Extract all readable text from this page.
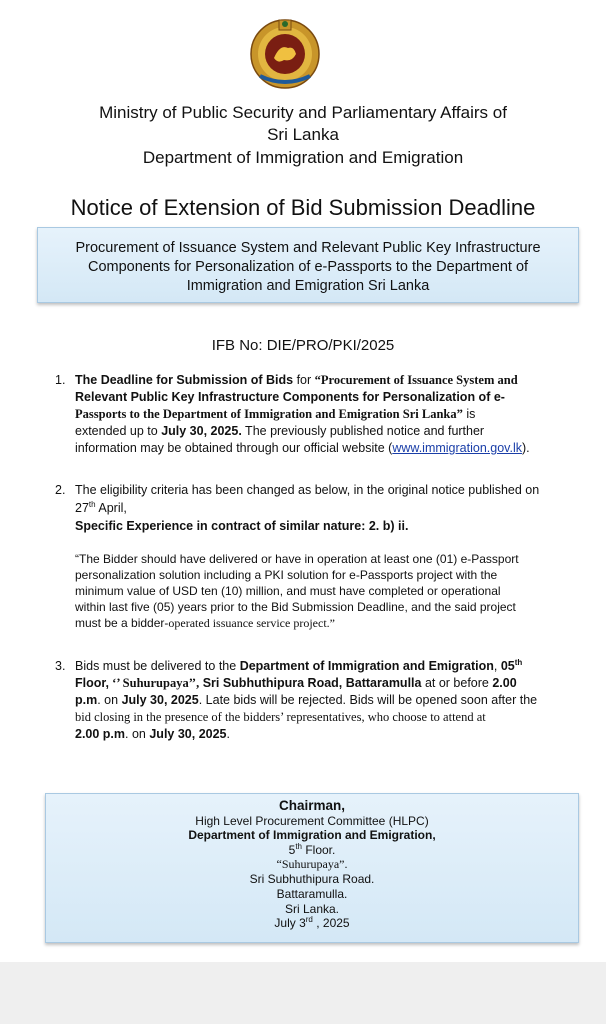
Ministry of Public Security and Parliamentary Affairs of
Sri Lanka
Department of Immigration and Emigration
Notice of Extension of Bid Submission Deadline
Procurement of Issuance System and Relevant Public Key Infrastructure
Components for Personalization of e-Passports to the Department of
Immigration and Emigration Sri Lanka
IFB No: DIE/PRO/PKI/2025
1. The Deadline for Submission of Bids for “Procurement of Issuance System and
Relevant Public Key Infrastructure Components for Personalization of e-
Passports to the Department of Immigration and Emigration Sri Lanka” is
extended up to July 30, 2025. The previously published notice and further
information may be obtained through our official website (www.immigration.gov.lk).
2. The eligibility criteria has been changed as below, in the original notice published on
27th April,
Specific Experience in contract of similar nature: 2. b) ii.
“The Bidder should have delivered or have in operation at least one (01) e-Passport
personalization solution including a PKI solution for e-Passports project with the
minimum value of USD ten (10) million, and must have completed or operational
within last five (05) years prior to the Bid Submission Deadline, and the said project
must be a bidder-operated issuance service project.”
3. Bids must be delivered to the Department of Immigration and Emigration, 05th
Floor, ‘’ Suhurupaya’’, Sri Subhuthipura Road, Battaramulla at or before 2.00
p.m. on July 30, 2025. Late bids will be rejected. Bids will be opened soon after the
bid closing in the presence of the bidders’ representatives, who choose to attend at
2.00 p.m. on July 30, 2025.
Chairman,
High Level Procurement Committee (HLPC)
Department of Immigration and Emigration,
5th Floor.
“Suhurupaya”.
Sri Subhuthipura Road.
Battaramulla.
Sri Lanka.
July 3rd , 2025
